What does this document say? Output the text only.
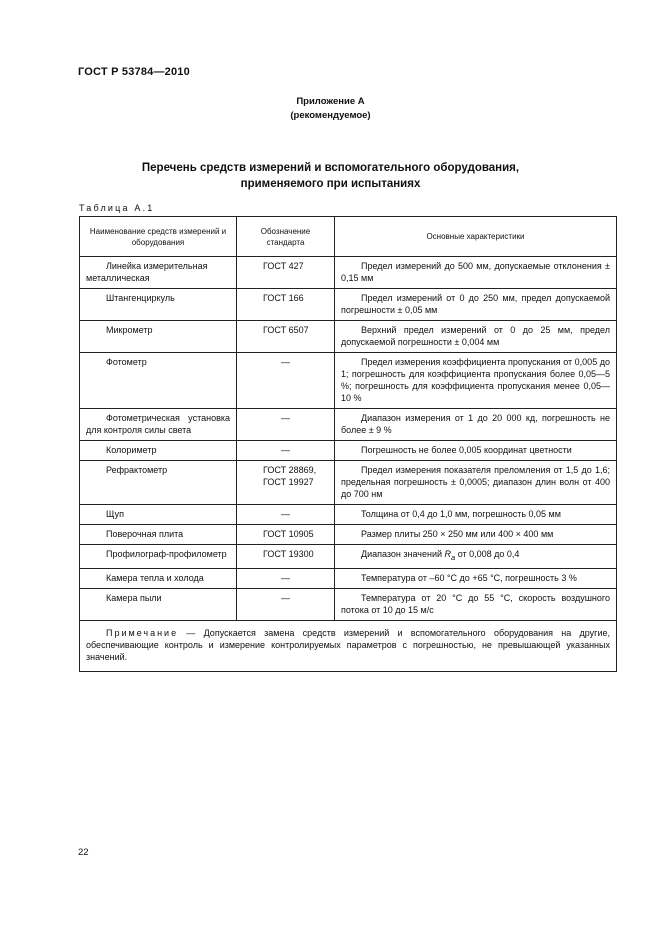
ГОСТ Р 53784—2010
Приложение А
(рекомендуемое)
Перечень средств измерений и вспомогательного оборудования,
применяемого при испытаниях
Таблица А.1
Наименование средств измерений и оборудования	Обозначение стандарта	Основные характеристики

Линейка измерительная металлическая	ГОСТ 427	Предел измерений до 500 мм, допускаемые отклонения ± 0,15 мм

Штангенциркуль	ГОСТ 166	Предел измерений от 0 до 250 мм, предел допускаемой погрешности ± 0,05 мм

Микрометр	ГОСТ 6507	Верхний предел измерений от 0 до 25 мм, предел допускаемой погрешности ± 0,004 мм

Фотометр	—	Предел измерения коэффициента пропускания от 0,005 до 1; погрешность для коэффициента пропускания более 0,05—5 %; погрешность для коэффициента пропускания менее 0,05—10 %

Фотометрическая установка для контроля силы света	—	Диапазон измерения от 1 до 20 000 кд, погрешность не более ± 9 %

Колориметр	—	Погрешность не более 0,005 координат цветности

Рефрактометр	ГОСТ 28869, ГОСТ 19927	Предел измерения показателя преломления от 1,5 до 1,6; предельная погрешность ± 0,0005; диапазон длин волн от 400 до 700 нм

Щуп	—	Толщина от 0,4 до 1,0 мм, погрешность 0,05 мм

Поверочная плита	ГОСТ 10905	Размер плиты 250 × 250 мм или 400 × 400 мм

Профилограф-профилометр	ГОСТ 19300	Диапазон значений $R_a$ от 0,008 до 0,4

Камера тепла и холода	—	Температура от –60 °С до +65 °С, погрешность 3 %

Камера пыли	—	Температура от 20 °С до 55 °С, скорость воздушного потока от 10 до 15 м/с

Примечание — Допускается замена средств измерений и вспомогательного оборудования на другие, обеспечивающие контроль и измерение контролируемых параметров с погрешностью, не превышающей указанных значений.		
22
